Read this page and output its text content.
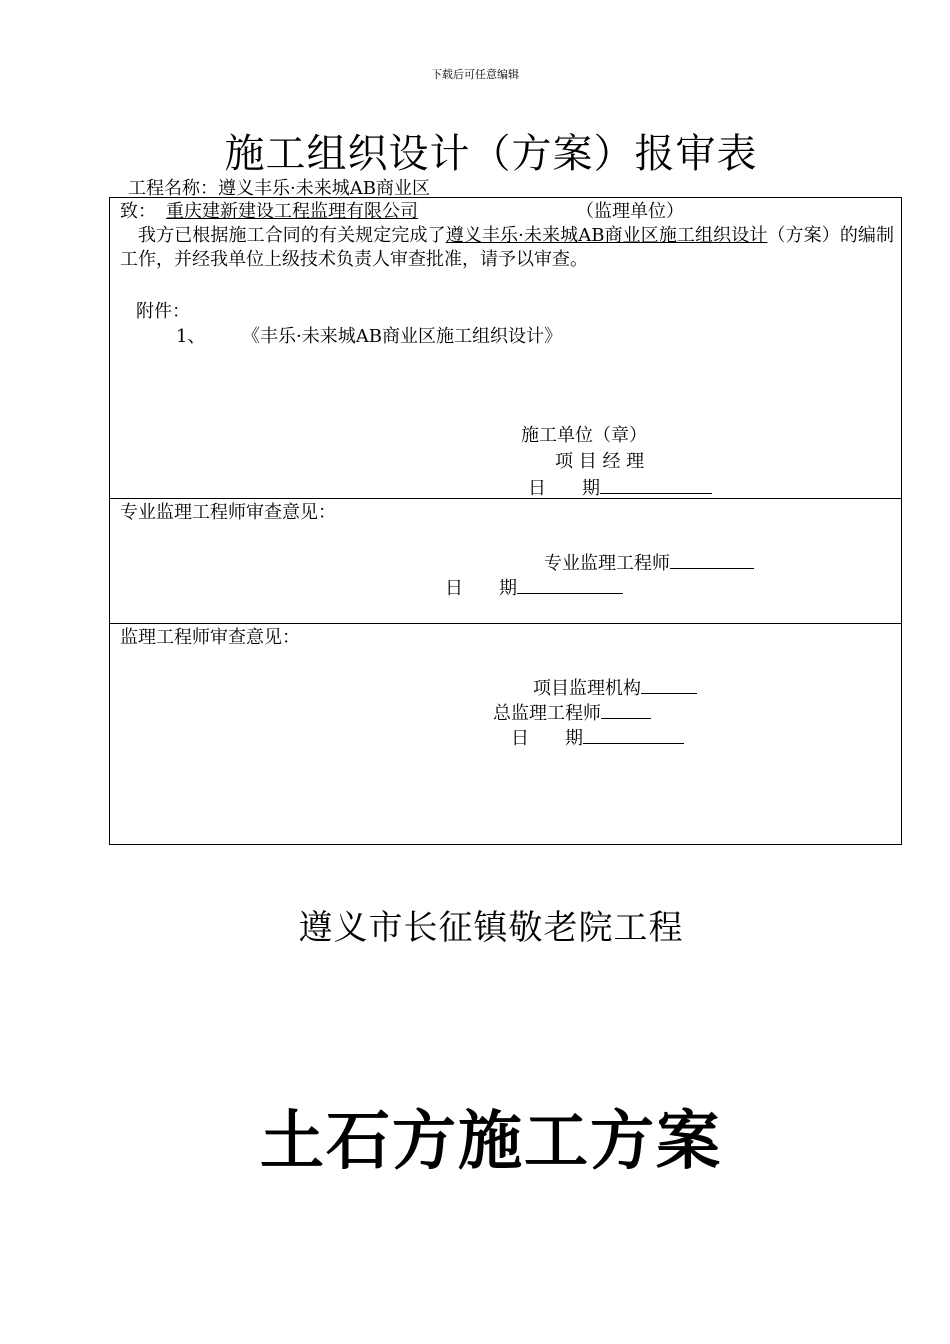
下载后可任意编辑
施工组织设计（方案）报审表
工程名称：遵义丰乐·未来城AB商业区
致： 重庆建新建设工程监理有限公司	（监理单位）
我方已根据施工合同的有关规定完成了遵义丰乐·未来城AB商业区施工组织设计（方案）的编制工作，并经我单位上级技术负责人审查批准，请予以审查。
附件：
1、 《丰乐·未来城AB商业区施工组织设计》
施工单位（章）
项 目 经 理
日　　期
专业监理工程师审查意见：
专业监理工程师
日　　期
监理工程师审查意见：
项目监理机构
总监理工程师
日　　期
遵义市长征镇敬老院工程
土石方施工方案
